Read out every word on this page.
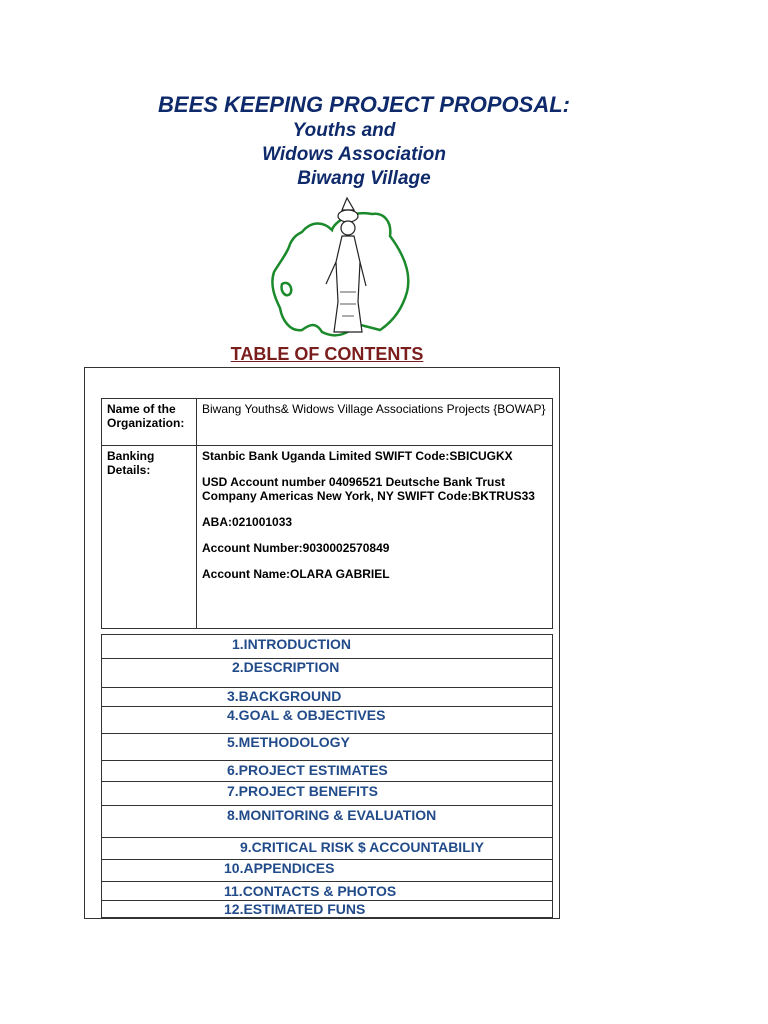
BEES KEEPING PROJECT PROPOSAL:
Youths and
Widows Association
Biwang Village
TABLE OF CONTENTS
Name of the Organization:	Biwang Youths& Widows Village Associations Projects {BOWAP}
Banking Details:	Stanbic Bank Uganda Limited SWIFT Code:SBICUGKX

USD Account number 04096521 Deutsche Bank Trust Company Americas New York, NY SWIFT Code:BKTRUS33

ABA:021001033

Account Number:9030002570849

Account Name:OLARA GABRIEL

1.INTRODUCTION
2.DESCRIPTION
3.BACKGROUND
4.GOAL & OBJECTIVES
5.METHODOLOGY
6.PROJECT ESTIMATES
7.PROJECT BENEFITS
8.MONITORING & EVALUATION
9.CRITICAL RISK $ ACCOUNTABILIY
10.APPENDICES
11.CONTACTS & PHOTOS
12.ESTIMATED FUNS
